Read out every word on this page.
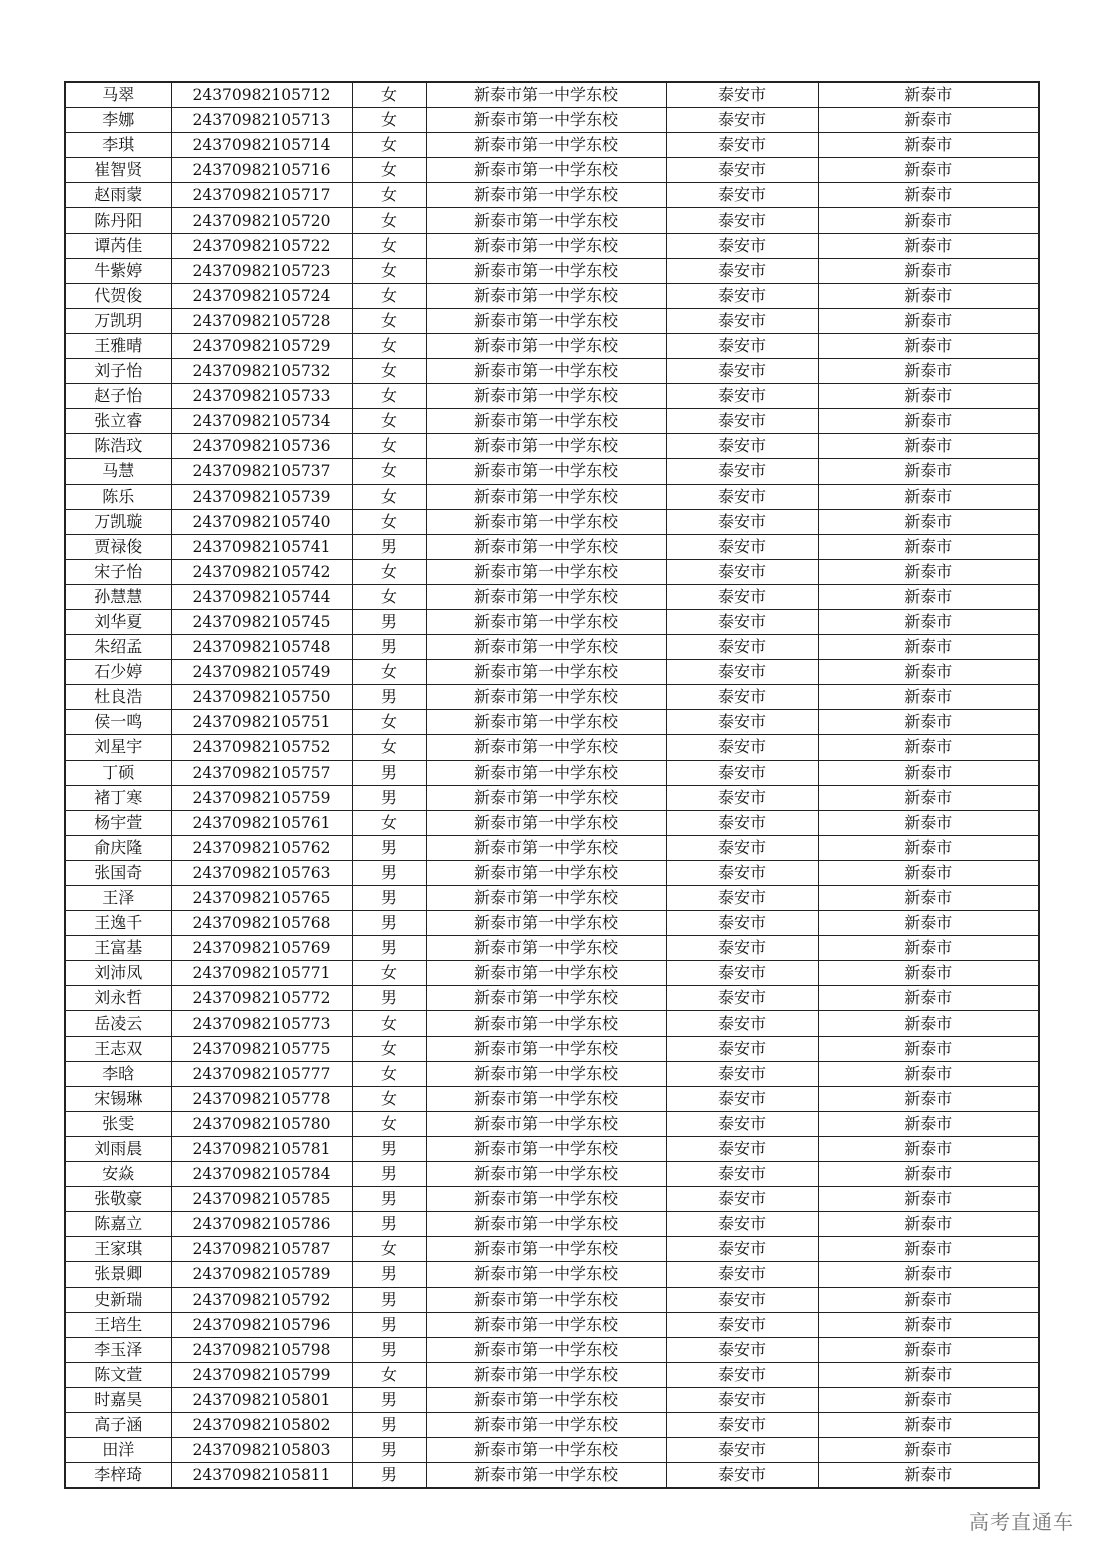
马翠	24370982105712	女	新泰市第一中学东校	泰安市	新泰市
李娜	24370982105713	女	新泰市第一中学东校	泰安市	新泰市
李琪	24370982105714	女	新泰市第一中学东校	泰安市	新泰市
崔智贤	24370982105716	女	新泰市第一中学东校	泰安市	新泰市
赵雨蒙	24370982105717	女	新泰市第一中学东校	泰安市	新泰市
陈丹阳	24370982105720	女	新泰市第一中学东校	泰安市	新泰市
谭芮佳	24370982105722	女	新泰市第一中学东校	泰安市	新泰市
牛紫婷	24370982105723	女	新泰市第一中学东校	泰安市	新泰市
代贺俊	24370982105724	女	新泰市第一中学东校	泰安市	新泰市
万凯玥	24370982105728	女	新泰市第一中学东校	泰安市	新泰市
王雅晴	24370982105729	女	新泰市第一中学东校	泰安市	新泰市
刘子怡	24370982105732	女	新泰市第一中学东校	泰安市	新泰市
赵子怡	24370982105733	女	新泰市第一中学东校	泰安市	新泰市
张立睿	24370982105734	女	新泰市第一中学东校	泰安市	新泰市
陈浩玟	24370982105736	女	新泰市第一中学东校	泰安市	新泰市
马慧	24370982105737	女	新泰市第一中学东校	泰安市	新泰市
陈乐	24370982105739	女	新泰市第一中学东校	泰安市	新泰市
万凯璇	24370982105740	女	新泰市第一中学东校	泰安市	新泰市
贾禄俊	24370982105741	男	新泰市第一中学东校	泰安市	新泰市
宋子怡	24370982105742	女	新泰市第一中学东校	泰安市	新泰市
孙慧慧	24370982105744	女	新泰市第一中学东校	泰安市	新泰市
刘华夏	24370982105745	男	新泰市第一中学东校	泰安市	新泰市
朱绍孟	24370982105748	男	新泰市第一中学东校	泰安市	新泰市
石少婷	24370982105749	女	新泰市第一中学东校	泰安市	新泰市
杜良浩	24370982105750	男	新泰市第一中学东校	泰安市	新泰市
侯一鸣	24370982105751	女	新泰市第一中学东校	泰安市	新泰市
刘星宇	24370982105752	女	新泰市第一中学东校	泰安市	新泰市
丁硕	24370982105757	男	新泰市第一中学东校	泰安市	新泰市
褚丁寒	24370982105759	男	新泰市第一中学东校	泰安市	新泰市
杨宇萱	24370982105761	女	新泰市第一中学东校	泰安市	新泰市
俞庆隆	24370982105762	男	新泰市第一中学东校	泰安市	新泰市
张国奇	24370982105763	男	新泰市第一中学东校	泰安市	新泰市
王泽	24370982105765	男	新泰市第一中学东校	泰安市	新泰市
王逸千	24370982105768	男	新泰市第一中学东校	泰安市	新泰市
王富基	24370982105769	男	新泰市第一中学东校	泰安市	新泰市
刘沛凤	24370982105771	女	新泰市第一中学东校	泰安市	新泰市
刘永哲	24370982105772	男	新泰市第一中学东校	泰安市	新泰市
岳凌云	24370982105773	女	新泰市第一中学东校	泰安市	新泰市
王志双	24370982105775	女	新泰市第一中学东校	泰安市	新泰市
李晗	24370982105777	女	新泰市第一中学东校	泰安市	新泰市
宋锡琳	24370982105778	女	新泰市第一中学东校	泰安市	新泰市
张雯	24370982105780	女	新泰市第一中学东校	泰安市	新泰市
刘雨晨	24370982105781	男	新泰市第一中学东校	泰安市	新泰市
安焱	24370982105784	男	新泰市第一中学东校	泰安市	新泰市
张敬豪	24370982105785	男	新泰市第一中学东校	泰安市	新泰市
陈嘉立	24370982105786	男	新泰市第一中学东校	泰安市	新泰市
王家琪	24370982105787	女	新泰市第一中学东校	泰安市	新泰市
张景卿	24370982105789	男	新泰市第一中学东校	泰安市	新泰市
史新瑞	24370982105792	男	新泰市第一中学东校	泰安市	新泰市
王培生	24370982105796	男	新泰市第一中学东校	泰安市	新泰市
李玉泽	24370982105798	男	新泰市第一中学东校	泰安市	新泰市
陈文萱	24370982105799	女	新泰市第一中学东校	泰安市	新泰市
时嘉昊	24370982105801	男	新泰市第一中学东校	泰安市	新泰市
高子涵	24370982105802	男	新泰市第一中学东校	泰安市	新泰市
田洋	24370982105803	男	新泰市第一中学东校	泰安市	新泰市
李梓琦	24370982105811	男	新泰市第一中学东校	泰安市	新泰市
高考直通车
